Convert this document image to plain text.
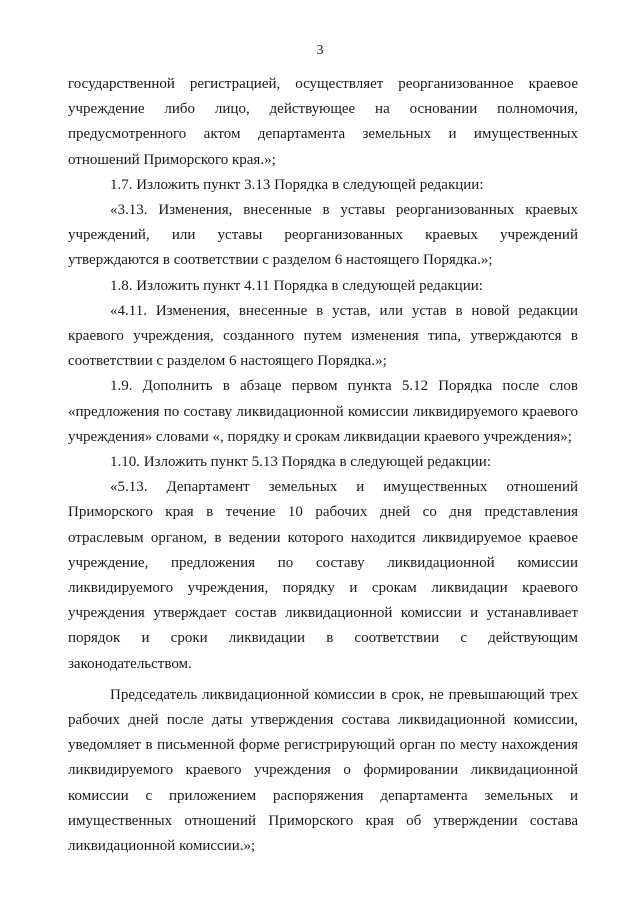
3

государственной регистрацией, осуществляет реорганизованное краевое учреждение либо лицо, действующее на основании полномочия, предусмотренного актом департамента земельных и имущественных отношений Приморского края.»;

1.7. Изложить пункт 3.13 Порядка в следующей редакции:

«3.13. Изменения, внесенные в уставы реорганизованных краевых учреждений, или уставы реорганизованных краевых учреждений утверждаются в соответствии с разделом 6 настоящего Порядка.»;

1.8. Изложить пункт 4.11 Порядка в следующей редакции:

«4.11. Изменения, внесенные в устав, или устав в новой редакции краевого учреждения, созданного путем изменения типа, утверждаются в соответствии с разделом 6 настоящего Порядка.»;

1.9. Дополнить в абзаце первом пункта 5.12 Порядка после слов «предложения по составу ликвидационной комиссии ликвидируемого краевого учреждения» словами «, порядку и срокам ликвидации краевого учреждения»;

1.10. Изложить пункт 5.13 Порядка в следующей редакции:

«5.13. Департамент земельных и имущественных отношений Приморского края в течение 10 рабочих дней со дня представления отраслевым органом, в ведении которого находится ликвидируемое краевое учреждение, предложения по составу ликвидационной комиссии ликвидируемого учреждения, порядку и срокам ликвидации краевого учреждения утверждает состав ликвидационной комиссии и устанавливает порядок и сроки ликвидации в соответствии с действующим законодательством.

Председатель ликвидационной комиссии в срок, не превышающий трех рабочих дней после даты утверждения состава ликвидационной комиссии, уведомляет в письменной форме регистрирующий орган по месту нахождения ликвидируемого краевого учреждения о формировании ликвидационной комиссии с приложением распоряжения департамента земельных и имущественных отношений Приморского края об утверждении состава ликвидационной комиссии.»;
